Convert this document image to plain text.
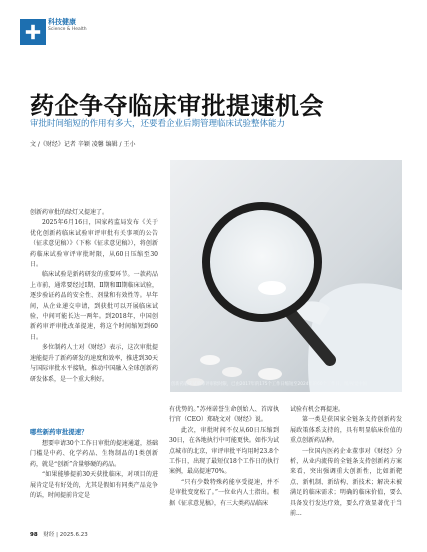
科技健康
Science & Health
药企争夺临床审批提速机会

审批时间缩短的作用有多大，还要看企业后期管理临床试验整体能力

文 /《财经》记者 辛颖 凌馨 编辑 / 王小

创新药临床试验审评审批时限，已由2017年的175个工作日缩短至2024年的60个工作日。图/视觉中国

创新药审批的绿灯又提速了。

2025年6月16日，国家药监局发布《关于优化创新药临床试验审评审批有关事项的公告（征求意见稿）》（下称《征求意见稿》），将创新药临床试验审评审批时限，从60日压缩至30日。

临床试验是新药研发的重要环节。一款药品上市前，通常要经过Ⅰ期、Ⅱ期和Ⅲ期临床试验，逐步验证药品的安全性、剂量和有效性等。早年间，从企业递交申请，到获批可以开展临床试验，中间可能长达一两年。到2018年，中国创新药审评审批改革提速，将这个时间缩短到60日。

多位制药人士对《财经》表示，这次审批提速能提升了新药研发的速度和效率，推进到30天与国际审批水平接轨，推动中国融入全球创新药研发体系，是一个重大利好。

哪些新药审批提速？

想要申请30个工作日审批的提速通道，基础门槛是中药、化学药品、生物制品的1类创新药，就是“创新”含量够硬的药品。

“如果能够提前30天获批临床，对项目的进展肯定是有好处的，尤其是假如有同类产品竞争的话，时间提前肯定是

有优势的。”苏州诺誉生命创始人、首席执行官（CEO）郑晓文对《财经》说。

此次，审批时间不仅从60日压缩到30日，在各地执行中可能更快。如作为试点城市的北京，审评审批平均用时23.8个工作日，出现了最短仅18个工作日的执行案例，最高提速70%。

“只有少数特殊药能享受提速，并不是审批变宽松了。”一位业内人士指出。根据《征求意见稿》，有三大类药品临床

试验有机会再提速。

第一类是获国家全链条支持创新药发展政策体系支持的，具有明显临床价值的重点创新药品种。

一位国内医药企业董事对《财经》分析，从业内流传的全链条支持创新药方案来看，突出强调重大创新性，比如新靶点、新机制、新结构、新技术；解决未被满足的临床需求；明确的临床价值，要么具备发行发达疗效，要么疗效显著优于当前...

98 财经 | 2025.6.23
